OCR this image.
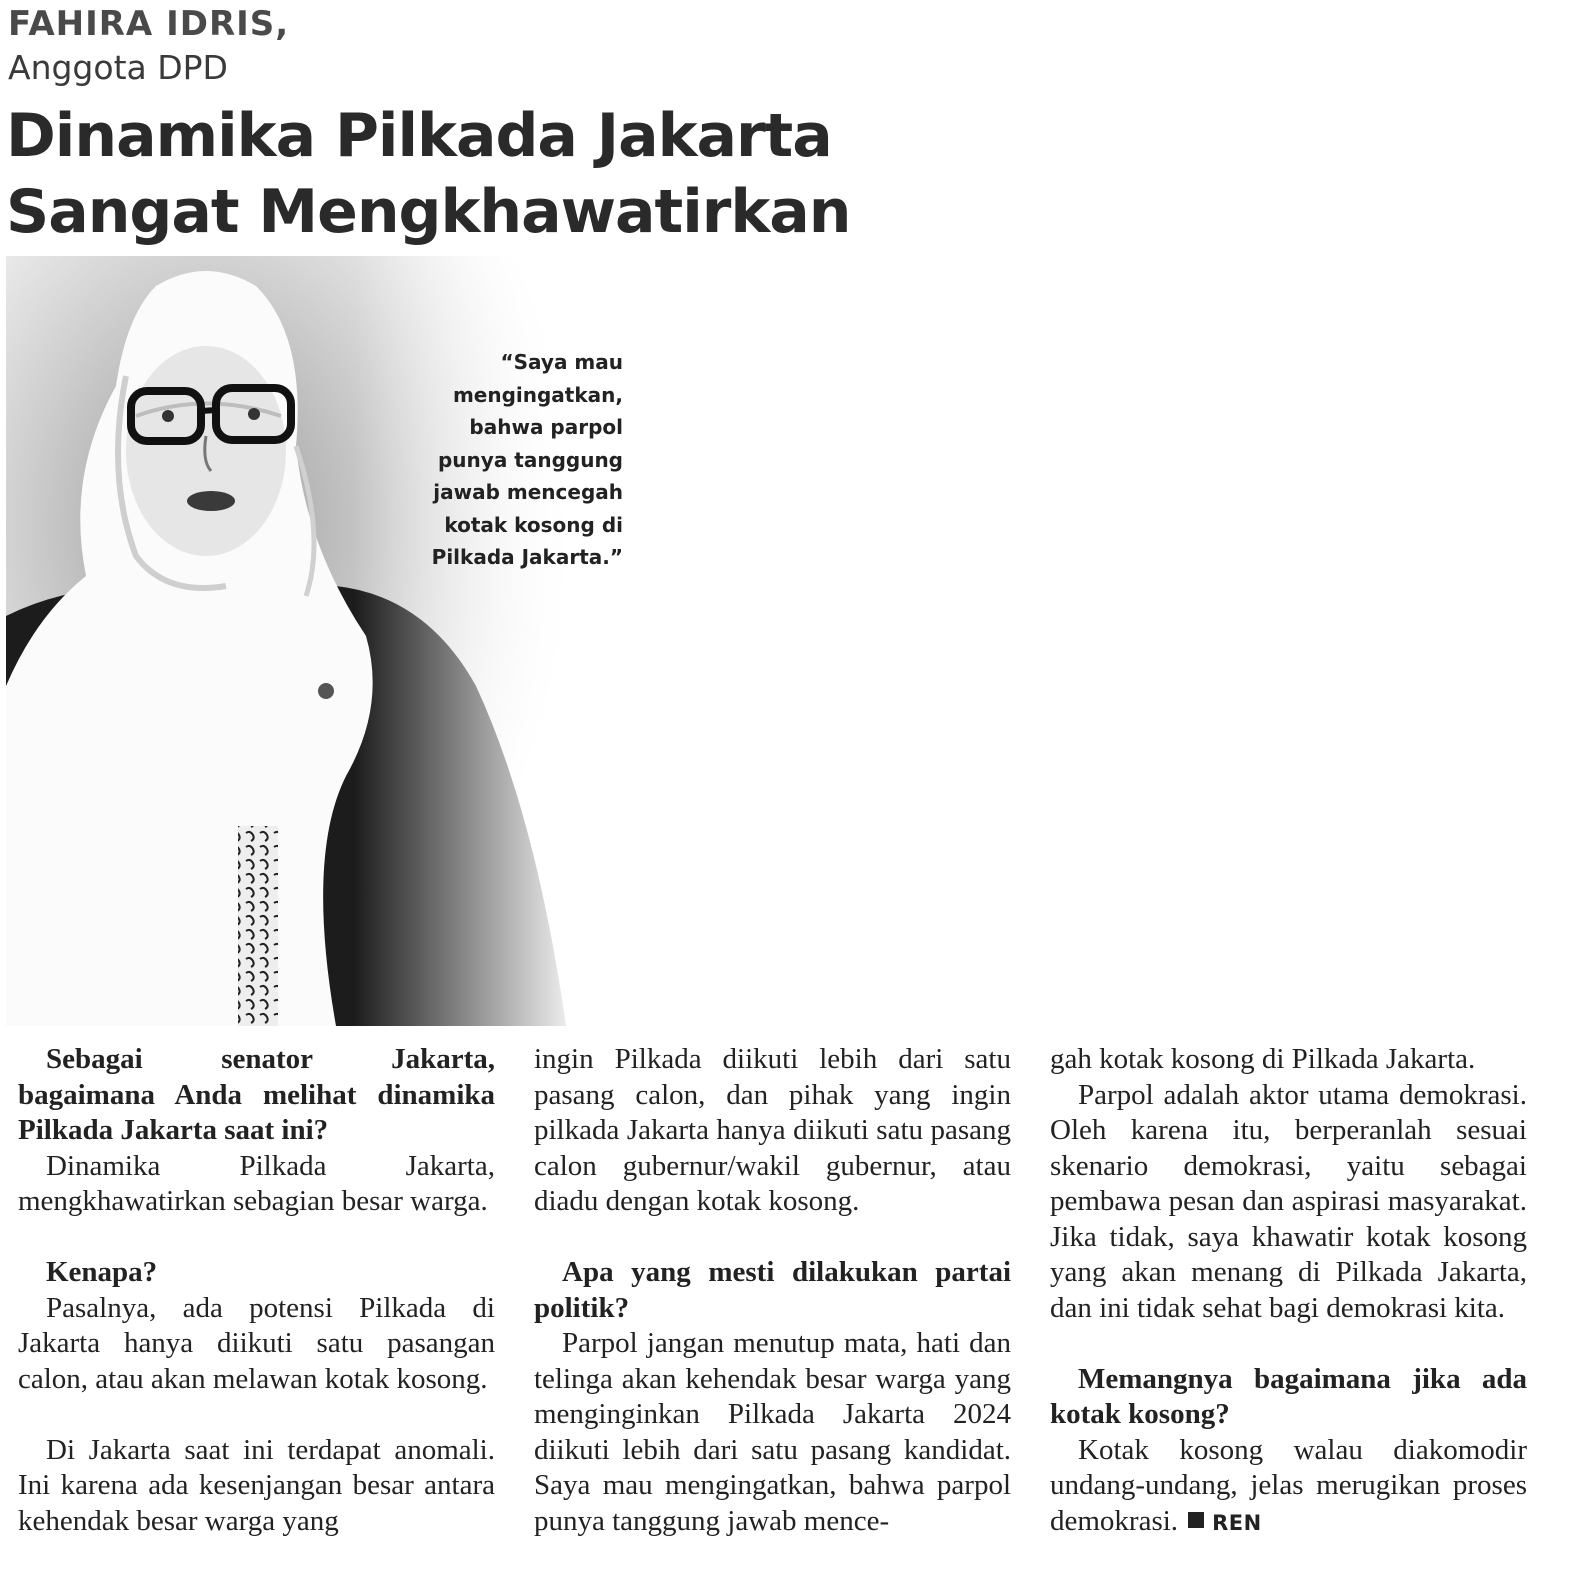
FAHIRA IDRIS,
Anggota DPD
Dinamika Pilkada Jakarta
Sangat Mengkhawatirkan
“Saya mau
mengingatkan,
bahwa parpol
punya tanggung
jawab mencegah
kotak kosong di
Pilkada Jakarta.”

Sebagai senator Jakarta, bagaimana Anda melihat dinamika Pilkada Jakarta saat ini?

Dinamika Pilkada Jakarta, mengkhawatirkan sebagian besar warga.

Kenapa?

Pasalnya, ada potensi Pilkada di Jakarta hanya diikuti satu pasangan calon, atau akan melawan kotak kosong.

Di Jakarta saat ini terdapat anomali. Ini karena ada kesenjangan besar antara kehendak besar warga yang

ingin Pilkada diikuti lebih dari satu pasang calon, dan pihak yang ingin pilkada Jakarta hanya diikuti satu pasang calon gubernur/wakil gubernur, atau diadu dengan kotak kosong.

Apa yang mesti dilakukan partai politik?

Parpol jangan menutup mata, hati dan telinga akan kehendak besar warga yang menginginkan Pilkada Jakarta 2024 diikuti lebih dari satu pasang kandidat. Saya mau mengingatkan, bahwa parpol punya tanggung jawab mence-

gah kotak kosong di Pilkada Jakarta.

Parpol adalah aktor utama demokrasi. Oleh karena itu, berperanlah sesuai skenario demokrasi, yaitu sebagai pembawa pesan dan aspirasi masyarakat. Jika tidak, saya khawatir kotak kosong yang akan menang di Pilkada Jakarta, dan ini tidak sehat bagi demokrasi kita.

Memangnya bagaimana jika ada kotak kosong?

Kotak kosong walau diakomodir undang-undang, jelas merugikan proses demokrasi. REN
